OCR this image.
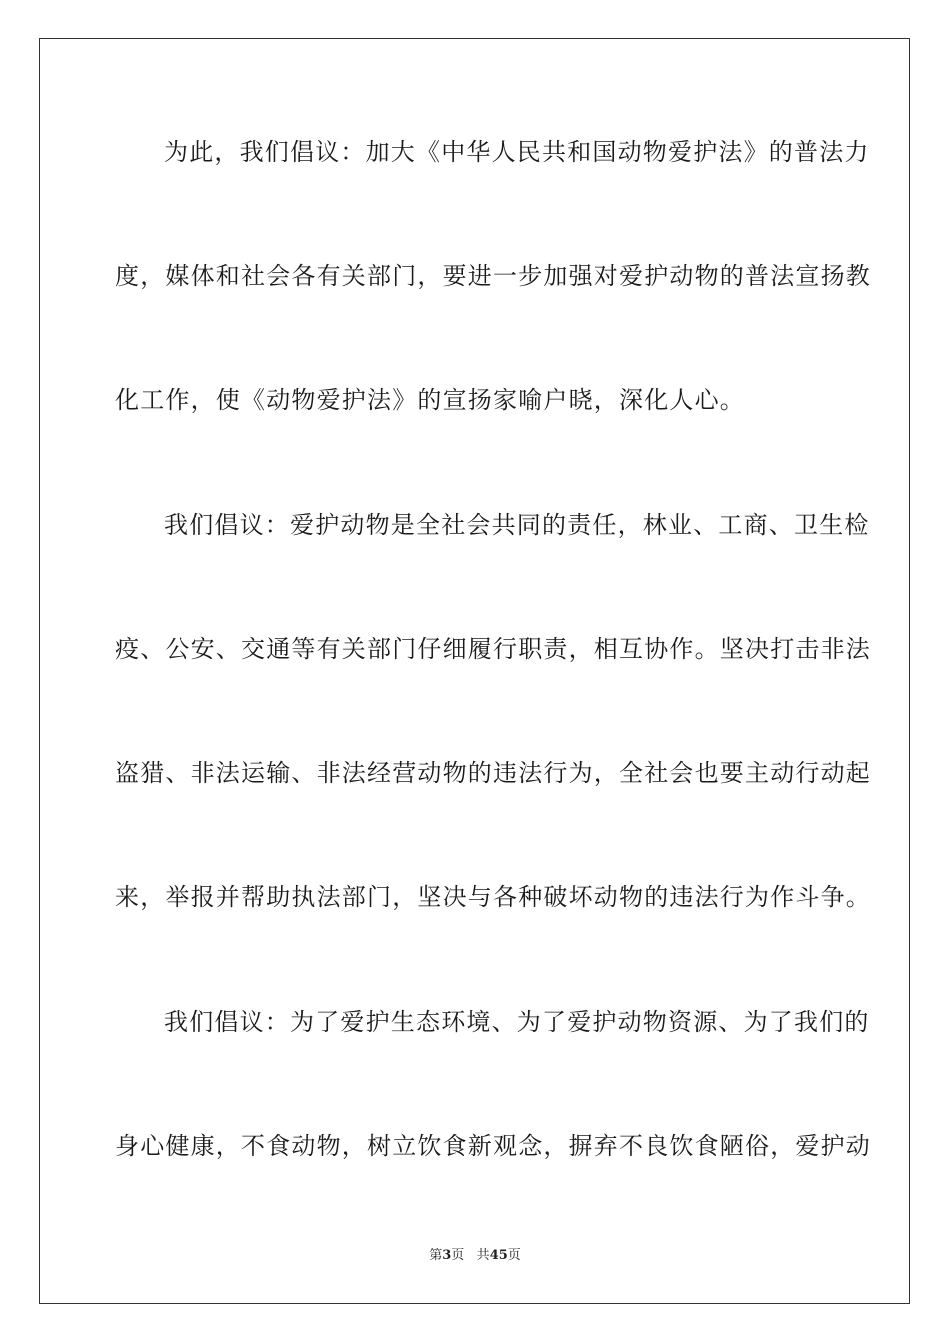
为此，我们倡议：加大《中华人民共和国动物爱护法》的普法力
度，媒体和社会各有关部门，要进一步加强对爱护动物的普法宣扬教
化工作，使《动物爱护法》的宣扬家喻户晓，深化人心。
我们倡议：爱护动物是全社会共同的责任，林业、工商、卫生检
疫、公安、交通等有关部门仔细履行职责，相互协作。坚决打击非法
盗猎、非法运输、非法经营动物的违法行为，全社会也要主动行动起
来，举报并帮助执法部门，坚决与各种破坏动物的违法行为作斗争。
我们倡议：为了爱护生态环境、为了爱护动物资源、为了我们的
身心健康，不食动物，树立饮食新观念，摒弃不良饮食陋俗，爱护动
第3页 共45页
